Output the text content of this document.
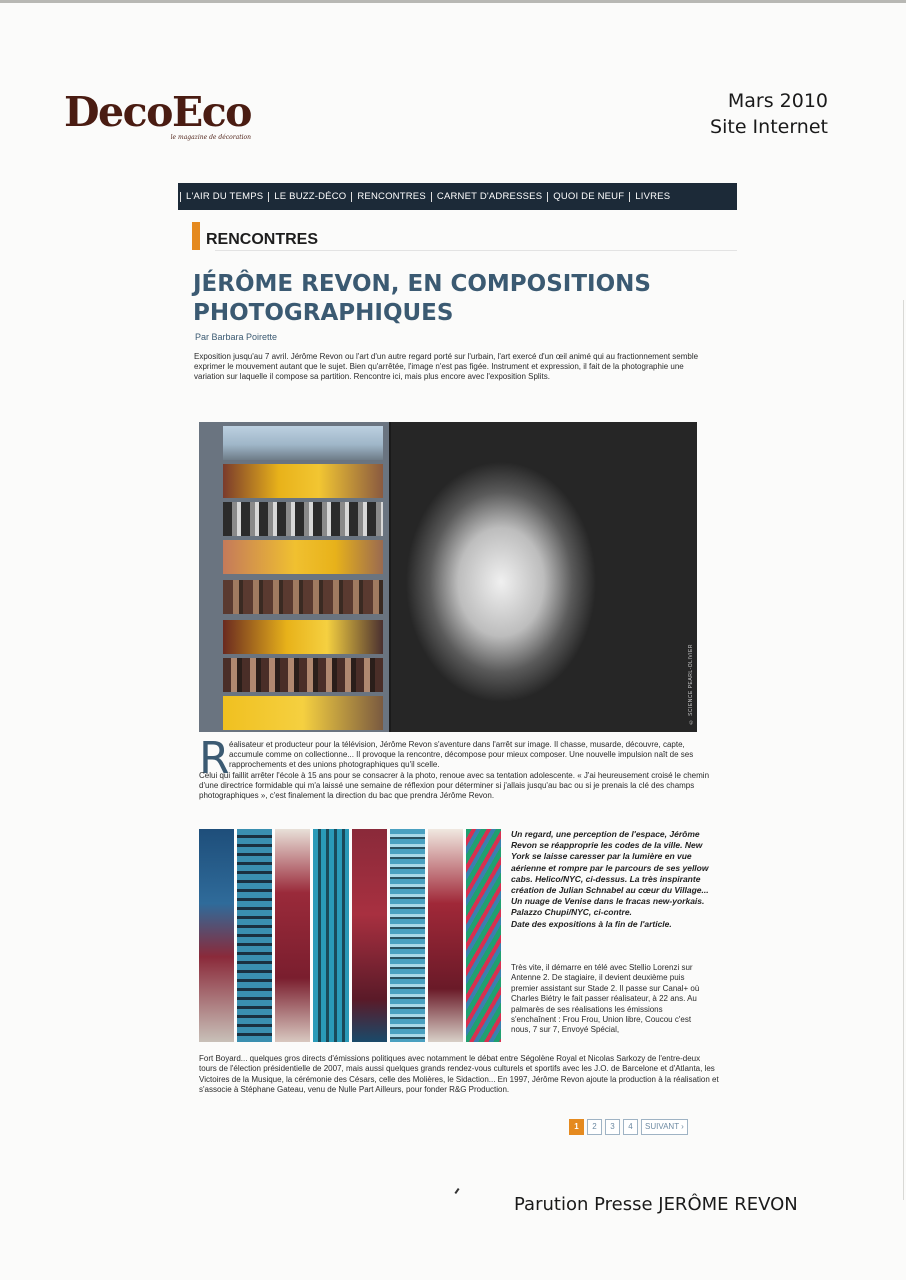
DecoEco
le magazine de décoration
Mars 2010
Site Internet
L'AIR DU TEMPS	LE BUZZ-DÉCO	RENCONTRES	CARNET D'ADRESSES	QUOI DE NEUF	LIVRES
RENCONTRES
JÉRÔME REVON, EN COMPOSITIONS
PHOTOGRAPHIQUES
Par Barbara Poirette

Exposition jusqu'au 7 avril. Jérôme Revon ou l'art d'un autre regard porté sur l'urbain, l'art exercé d'un œil animé qui au fractionnement semble exprimer le mouvement autant que le sujet. Bien qu'arrêtée, l'image n'est pas figée. Instrument et expression, il fait de la photographie une variation sur laquelle il compose sa partition. Rencontre ici, mais plus encore avec l'exposition Splits.

© SCIENCE PEARL-OLIVIER
R éalisateur et producteur pour la télévision, Jérôme Revon s'aventure dans l'arrêt sur image. Il chasse, musarde, découvre, capte, accumule comme on collectionne... Il provoque la rencontre, décompose pour mieux composer. Une nouvelle impulsion naît de ses rapprochements et des unions photographiques qu'il scelle.
Celui qui faillit arrêter l'école à 15 ans pour se consacrer à la photo, renoue avec sa tentation adolescente. « J'ai heureusement croisé le chemin d'une directrice formidable qui m'a laissé une semaine de réflexion pour déterminer si j'allais jusqu'au bac ou si je prenais la clé des champs photographiques », c'est finalement la direction du bac que prendra Jérôme Revon.
Un regard, une perception de l'espace, Jérôme Revon se réapproprie les codes de la ville. New York se laisse caresser par la lumière en vue aérienne et rompre par le parcours de ses yellow cabs. Helico/NYC, ci-dessus. La très inspirante création de Julian Schnabel au cœur du Village... Un nuage de Venise dans le fracas new-yorkais. Palazzo Chupi/NYC, ci-contre.
Date des expositions à la fin de l'article.

Très vite, il démarre en télé avec Stellio Lorenzi sur Antenne 2. De stagiaire, il devient deuxième puis premier assistant sur Stade 2. Il passe sur Canal+ où Charles Biétry le fait passer réalisateur, à 22 ans. Au palmarès de ses réalisations les émissions s'enchaînent : Frou Frou, Union libre, Coucou c'est nous, 7 sur 7, Envoyé Spécial,

Fort Boyard... quelques gros directs d'émissions politiques avec notamment le débat entre Ségolène Royal et Nicolas Sarkozy de l'entre-deux tours de l'élection présidentielle de 2007, mais aussi quelques grands rendez-vous culturels et sportifs avec les J.O. de Barcelone et d'Atlanta, les Victoires de la Musique, la cérémonie des Césars, celle des Molières, le Sidaction... En 1997, Jérôme Revon ajoute la production à la réalisation et s'associe à Stéphane Gateau, venu de Nulle Part Ailleurs, pour fonder R&G Production.

1	2	3	4	SUIVANT ›
Parution Presse JERÔME REVON
